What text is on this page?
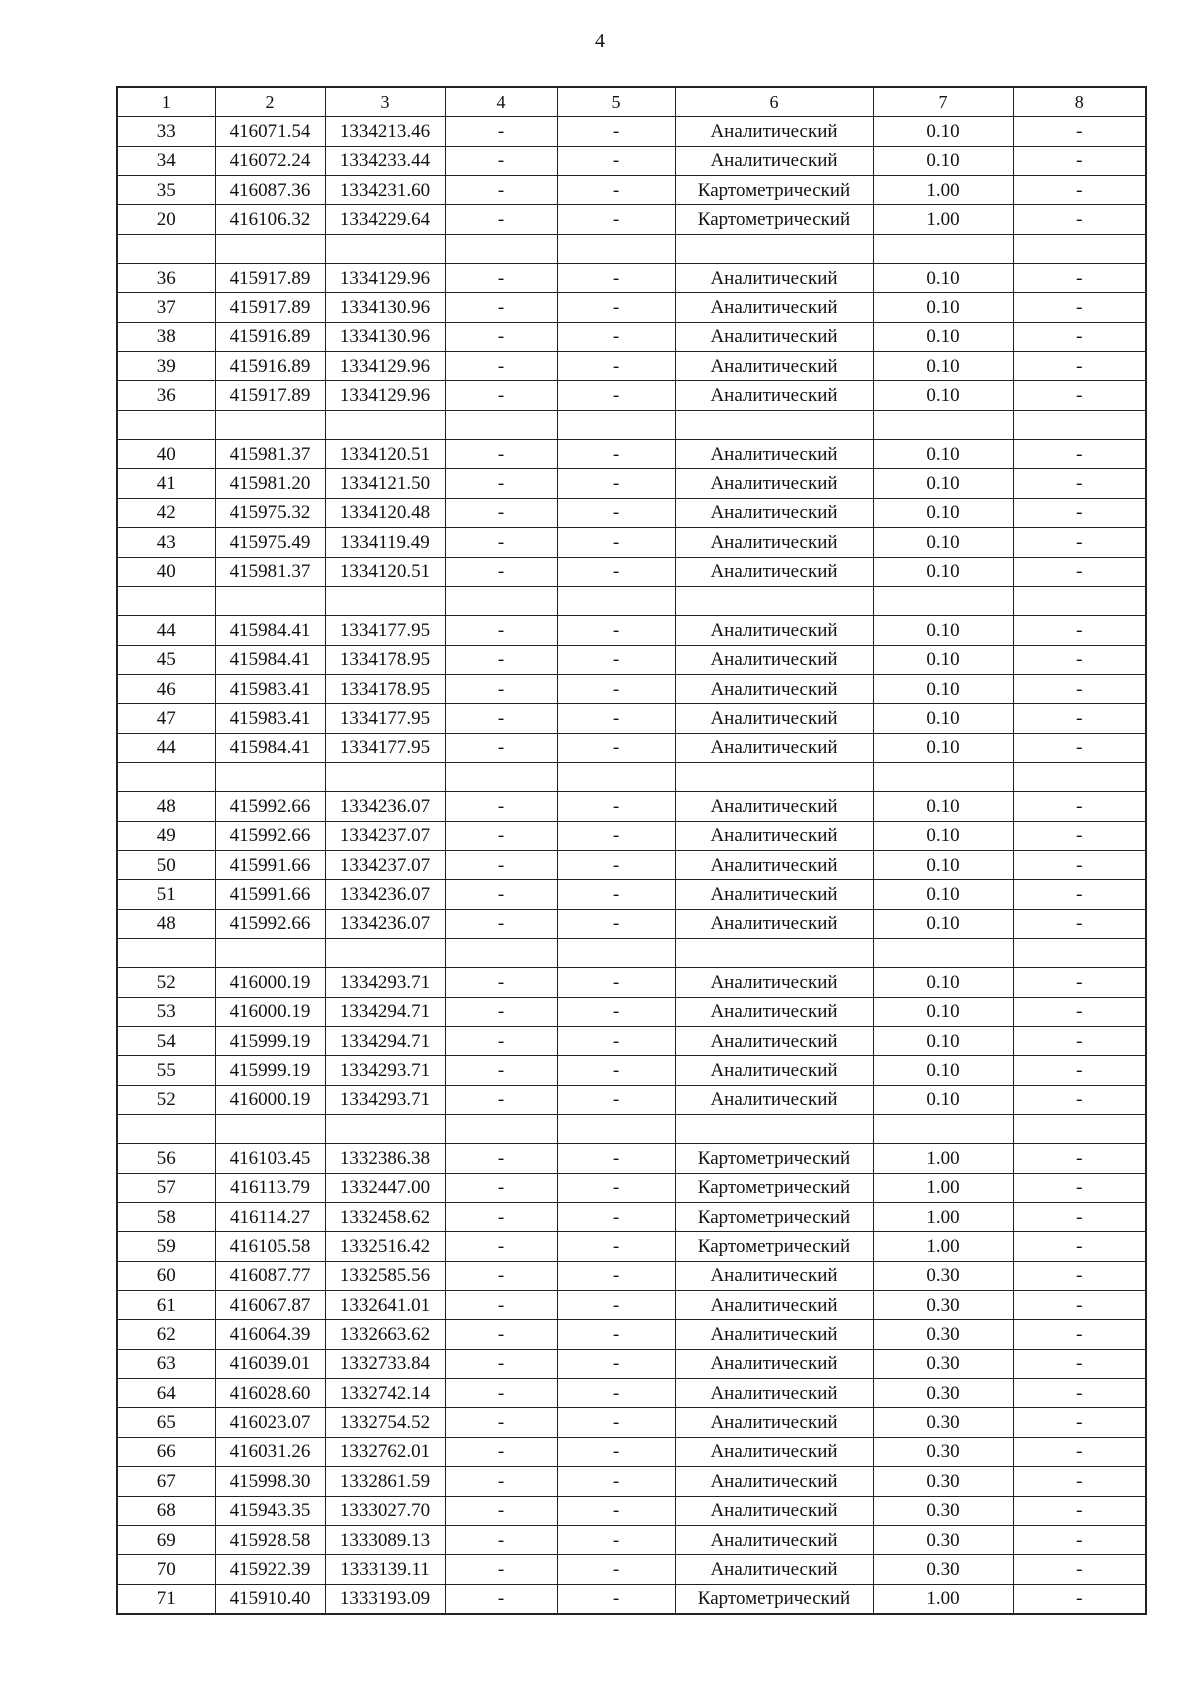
4
1	2	3	4	5	6	7	8
33	416071.54	1334213.46	-	-	Аналитический	0.10	-
34	416072.24	1334233.44	-	-	Аналитический	0.10	-
35	416087.36	1334231.60	-	-	Картометрический	1.00	-
20	416106.32	1334229.64	-	-	Картометрический	1.00	-

36	415917.89	1334129.96	-	-	Аналитический	0.10	-
37	415917.89	1334130.96	-	-	Аналитический	0.10	-
38	415916.89	1334130.96	-	-	Аналитический	0.10	-
39	415916.89	1334129.96	-	-	Аналитический	0.10	-
36	415917.89	1334129.96	-	-	Аналитический	0.10	-

40	415981.37	1334120.51	-	-	Аналитический	0.10	-
41	415981.20	1334121.50	-	-	Аналитический	0.10	-
42	415975.32	1334120.48	-	-	Аналитический	0.10	-
43	415975.49	1334119.49	-	-	Аналитический	0.10	-
40	415981.37	1334120.51	-	-	Аналитический	0.10	-

44	415984.41	1334177.95	-	-	Аналитический	0.10	-
45	415984.41	1334178.95	-	-	Аналитический	0.10	-
46	415983.41	1334178.95	-	-	Аналитический	0.10	-
47	415983.41	1334177.95	-	-	Аналитический	0.10	-
44	415984.41	1334177.95	-	-	Аналитический	0.10	-

48	415992.66	1334236.07	-	-	Аналитический	0.10	-
49	415992.66	1334237.07	-	-	Аналитический	0.10	-
50	415991.66	1334237.07	-	-	Аналитический	0.10	-
51	415991.66	1334236.07	-	-	Аналитический	0.10	-
48	415992.66	1334236.07	-	-	Аналитический	0.10	-

52	416000.19	1334293.71	-	-	Аналитический	0.10	-
53	416000.19	1334294.71	-	-	Аналитический	0.10	-
54	415999.19	1334294.71	-	-	Аналитический	0.10	-
55	415999.19	1334293.71	-	-	Аналитический	0.10	-
52	416000.19	1334293.71	-	-	Аналитический	0.10	-

56	416103.45	1332386.38	-	-	Картометрический	1.00	-
57	416113.79	1332447.00	-	-	Картометрический	1.00	-
58	416114.27	1332458.62	-	-	Картометрический	1.00	-
59	416105.58	1332516.42	-	-	Картометрический	1.00	-
60	416087.77	1332585.56	-	-	Аналитический	0.30	-
61	416067.87	1332641.01	-	-	Аналитический	0.30	-
62	416064.39	1332663.62	-	-	Аналитический	0.30	-
63	416039.01	1332733.84	-	-	Аналитический	0.30	-
64	416028.60	1332742.14	-	-	Аналитический	0.30	-
65	416023.07	1332754.52	-	-	Аналитический	0.30	-
66	416031.26	1332762.01	-	-	Аналитический	0.30	-
67	415998.30	1332861.59	-	-	Аналитический	0.30	-
68	415943.35	1333027.70	-	-	Аналитический	0.30	-
69	415928.58	1333089.13	-	-	Аналитический	0.30	-
70	415922.39	1333139.11	-	-	Аналитический	0.30	-
71	415910.40	1333193.09	-	-	Картометрический	1.00	-
